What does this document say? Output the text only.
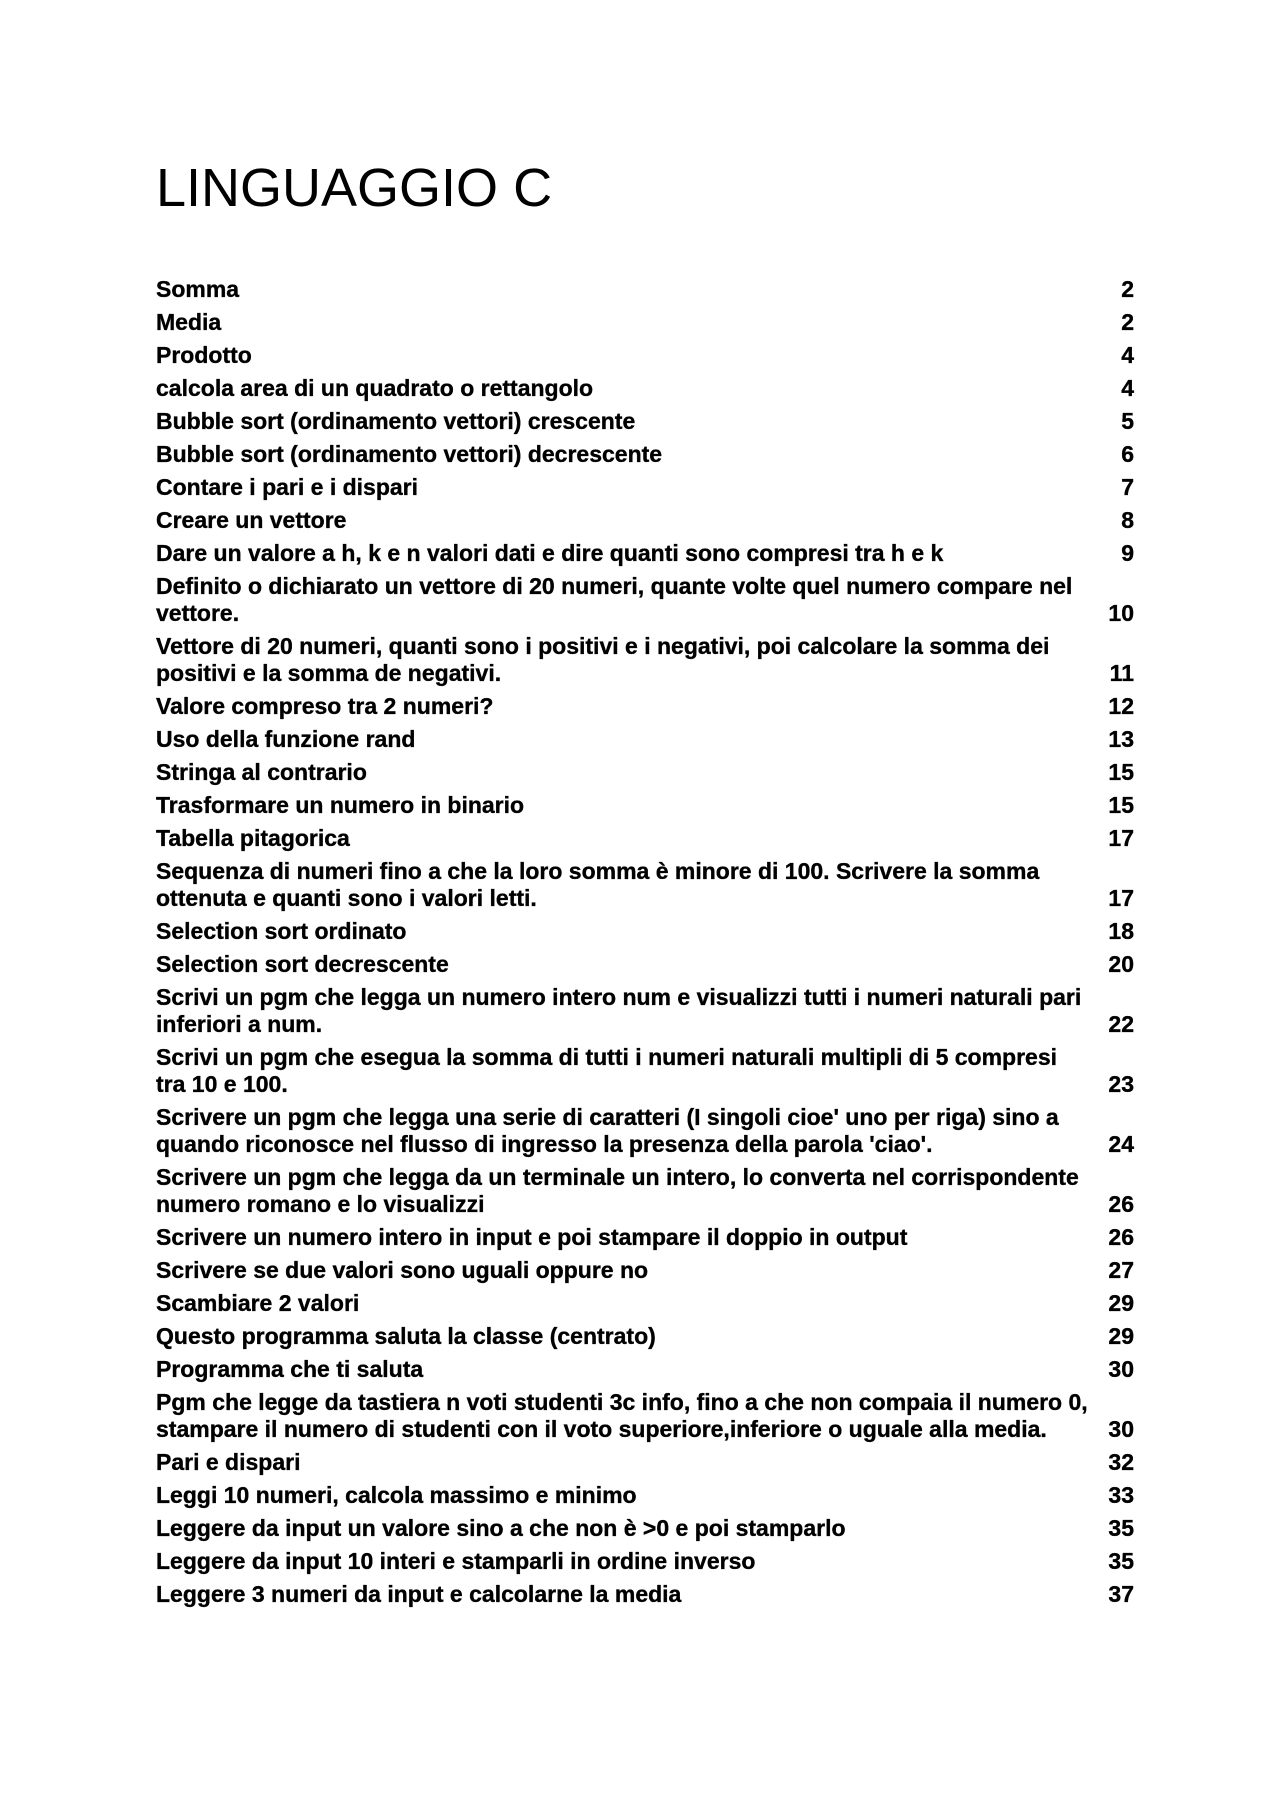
LINGUAGGIO C
Somma	2
Media	2
Prodotto	4
calcola area di un quadrato o rettangolo	4
Bubble sort (ordinamento vettori) crescente	5
Bubble sort (ordinamento vettori) decrescente	6
Contare i pari e i dispari	7
Creare un vettore	8
Dare un valore a h, k e n valori dati e dire quanti sono compresi tra h e k	9
Definito o dichiarato un vettore di 20 numeri, quante volte quel numero compare nel vettore.	10
Vettore di 20 numeri, quanti sono i positivi e i negativi, poi calcolare la somma dei positivi e la somma de negativi.	11
Valore compreso tra 2 numeri?	12
Uso della funzione rand	13
Stringa al contrario	15
Trasformare un numero in binario	15
Tabella pitagorica	17
Sequenza di numeri fino a che la loro somma è minore di 100. Scrivere la somma ottenuta e quanti sono i valori letti.	17
Selection sort ordinato	18
Selection sort decrescente	20
Scrivi un pgm che legga un numero intero num e visualizzi tutti i numeri naturali pari inferiori a num.	22
Scrivi un pgm che esegua la somma di tutti i numeri naturali multipli di 5 compresi tra 10 e 100.	23
Scrivere un pgm che legga una serie di caratteri (I singoli cioe' uno per riga) sino a quando riconosce nel flusso di ingresso la presenza della parola 'ciao'.	24
Scrivere un pgm che legga da un terminale un intero, lo converta nel corrispondente numero romano e lo visualizzi	26
Scrivere un numero intero in input e poi stampare il doppio in output	26
Scrivere se due valori sono uguali oppure no	27
Scambiare 2 valori	29
Questo programma saluta la classe (centrato)	29
Programma che ti saluta	30
Pgm che legge da tastiera n voti studenti 3c info, fino a che non compaia il numero 0, stampare il numero di studenti con il voto superiore,inferiore o uguale alla media.	30
Pari e dispari	32
Leggi 10 numeri, calcola massimo e minimo	33
Leggere da input un valore sino a che non è >0 e poi stamparlo	35
Leggere da input 10 interi e stamparli in ordine inverso	35
Leggere 3 numeri da input e calcolarne la media	37
